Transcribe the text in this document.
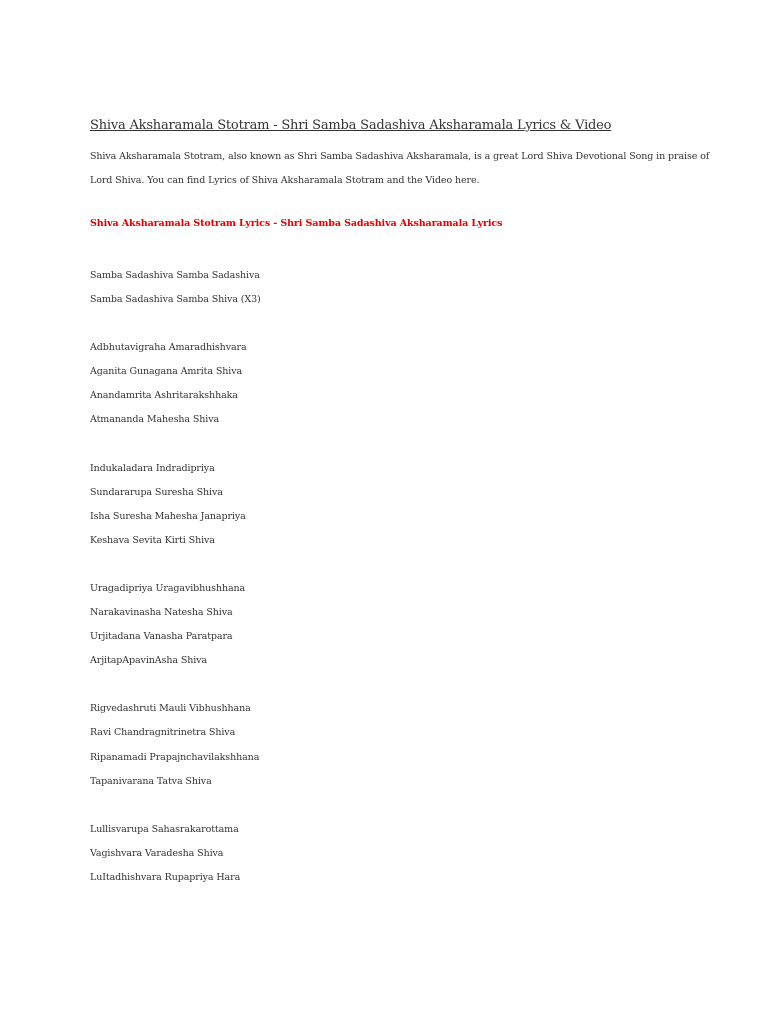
Shiva Aksharamala Stotram - Shri Samba Sadashiva Aksharamala Lyrics & Video
Shiva Aksharamala Stotram, also known as Shri Samba Sadashiva Aksharamala, is a great Lord Shiva Devotional Song in praise of
Lord Shiva. You can find Lyrics of Shiva Aksharamala Stotram and the Video here.
Shiva Aksharamala Stotram Lyrics - Shri Samba Sadashiva Aksharamala Lyrics
Samba Sadashiva Samba Sadashiva
Samba Sadashiva Samba Shiva (X3)
Adbhutavigraha Amaradhishvara
Aganita Gunagana Amrita Shiva
Anandamrita Ashritarakshhaka
Atmananda Mahesha Shiva
Indukaladara Indradipriya
Sundararupa Suresha Shiva
Isha Suresha Mahesha Janapriya
Keshava Sevita Kirti Shiva
Uragadipriya Uragavibhushhana
Narakavinasha Natesha Shiva
Urjitadana Vanasha Paratpara
ArjitapApavinAsha Shiva
Rigvedashruti Mauli Vibhushhana
Ravi Chandragnitrinetra Shiva
Ripanamadi Prapajnchavilakshhana
Tapanivarana Tatva Shiva
Lullisvarupa Sahasrakarottama
Vagishvara Varadesha Shiva
LuItadhishvara Rupapriya Hara
